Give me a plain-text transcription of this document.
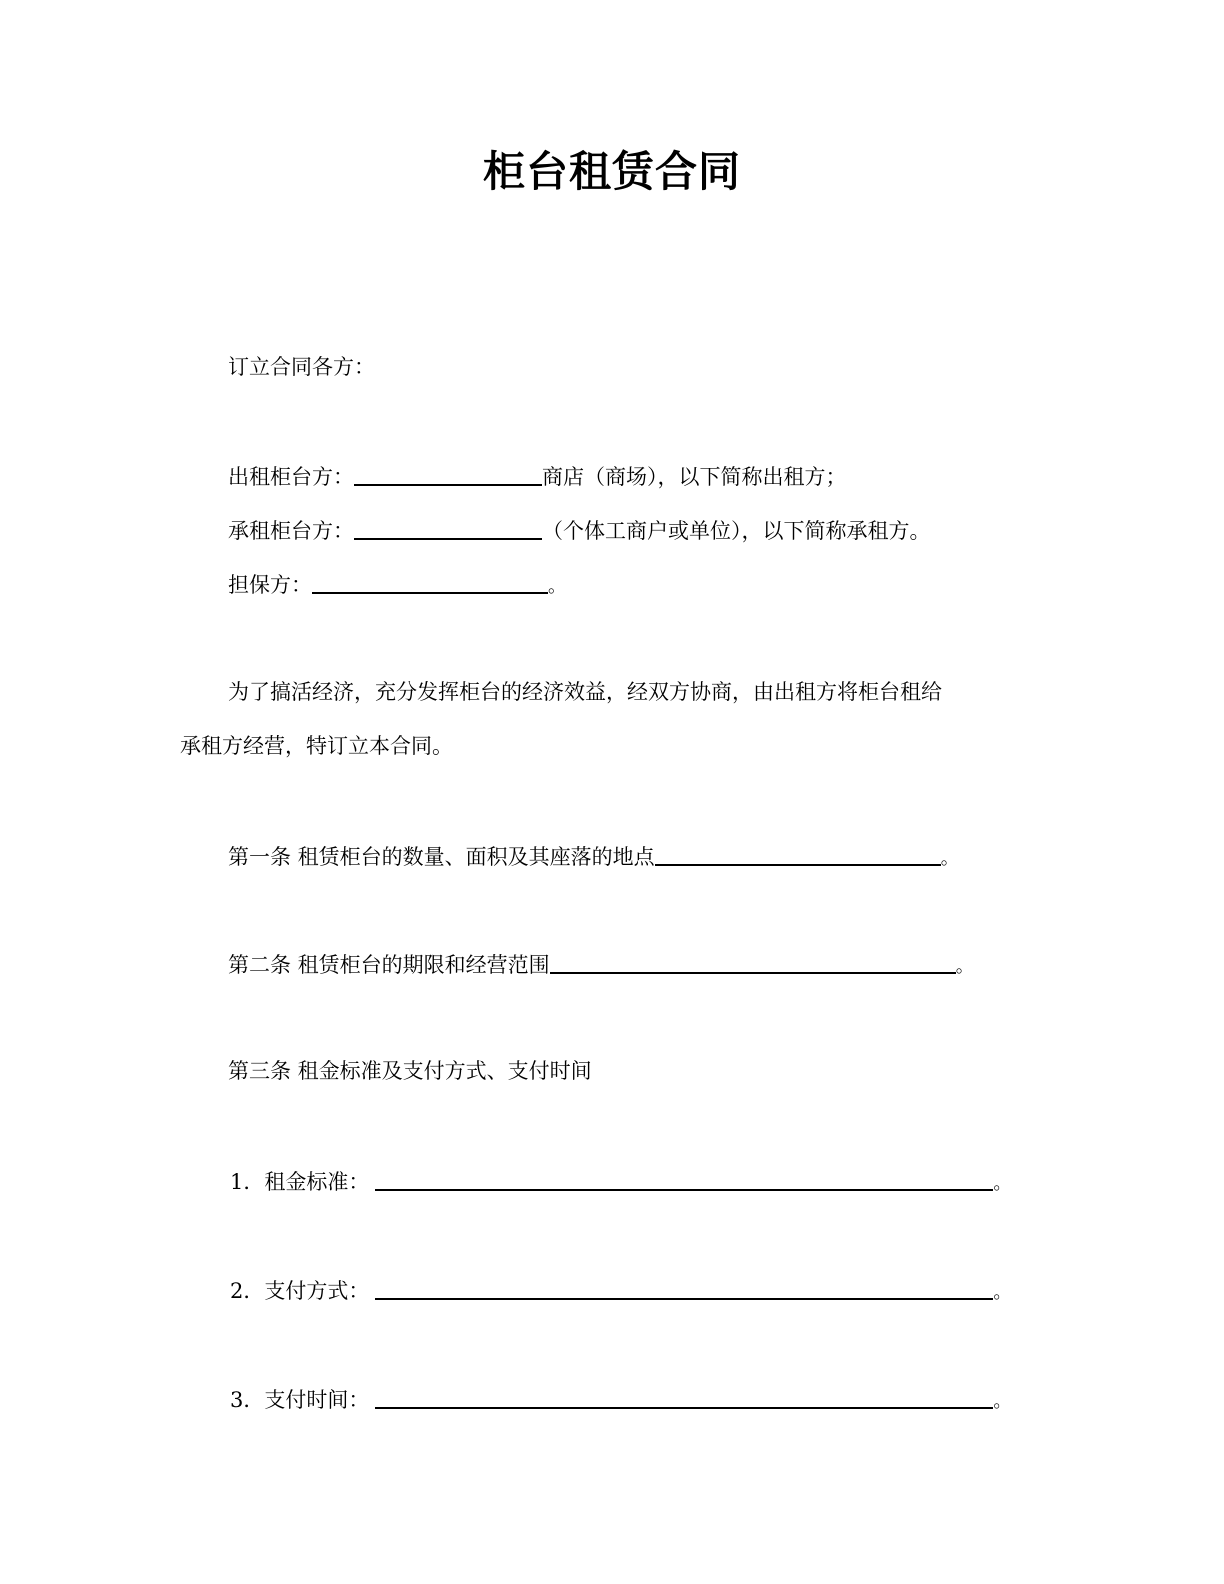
柜台租赁合同
订立合同各方：
出租柜台方：	商店（商场），以下简称出租方；
承租柜台方：	（个体工商户或单位），以下简称承租方。
担保方：	。
为了搞活经济，充分发挥柜台的经济效益，经双方协商，由出租方将柜台租给
承租方经营，特订立本合同。
第一条 租赁柜台的数量、面积及其座落的地点	。
第二条 租赁柜台的期限和经营范围	。
第三条 租金标准及支付方式、支付时间
1．租金标准：	。
2．支付方式：	。
3．支付时间：	。
